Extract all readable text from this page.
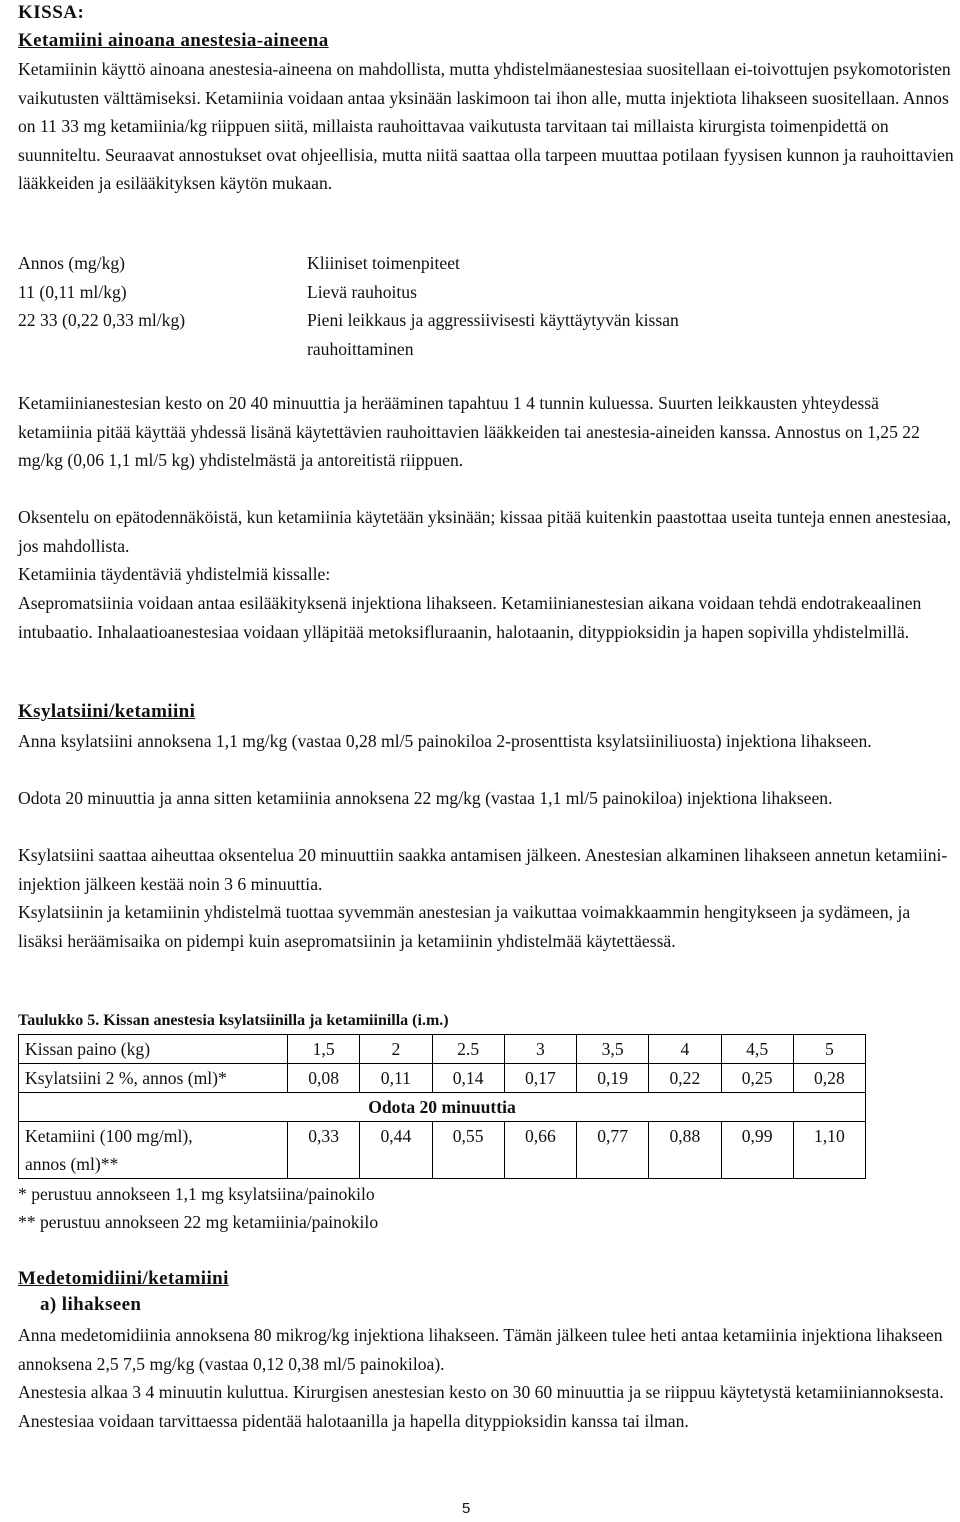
KISSA:
Ketamiini ainoana anestesia-aineena
Ketamiinin käyttö ainoana anestesia-aineena on mahdollista, mutta yhdistelmäanestesiaa suositellaan ei-toivottujen psykomotoristen vaikutusten välttämiseksi. Ketamiinia voidaan antaa yksinään laskimoon tai ihon alle, mutta injektiota lihakseen suositellaan. Annos on 11 33 mg ketamiinia/kg riippuen siitä, millaista rauhoittavaa vaikutusta tarvitaan tai millaista kirurgista toimenpidettä on suunniteltu. Seuraavat annostukset ovat ohjeellisia, mutta niitä saattaa olla tarpeen muuttaa potilaan fyysisen kunnon ja rauhoittavien lääkkeiden ja esilääkityksen käytön mukaan.
Annos (mg/kg)	Kliiniset toimenpiteet
11 (0,11 ml/kg)	Lievä rauhoitus
22 33 (0,22 0,33 ml/kg)	Pieni leikkaus ja aggressiivisesti käyttäytyvän kissan rauhoittaminen
Ketamiinianestesian kesto on 20 40 minuuttia ja herääminen tapahtuu 1 4 tunnin kuluessa. Suurten leikkausten yhteydessä ketamiinia pitää käyttää yhdessä lisänä käytettävien rauhoittavien lääkkeiden tai anestesia-aineiden kanssa. Annostus on 1,25 22 mg/kg (0,06 1,1 ml/5 kg) yhdistelmästä ja antoreitistä riippuen.
Oksentelu on epätodennäköistä, kun ketamiinia käytetään yksinään; kissaa pitää kuitenkin paastottaa useita tunteja ennen anestesiaa, jos mahdollista.
Ketamiinia täydentäviä yhdistelmiä kissalle:
Asepromatsiinia voidaan antaa esilääkityksenä injektiona lihakseen. Ketamiinianestesian aikana voidaan tehdä endotrakeaalinen intubaatio. Inhalaatioanestesiaa voidaan ylläpitää metoksifluraanin, halotaanin, dityppioksidin ja hapen sopivilla yhdistelmillä.
Ksylatsiini/ketamiini
Anna ksylatsiini annoksena 1,1 mg/kg (vastaa 0,28 ml/5 painokiloa 2-prosenttista ksylatsiiniliuosta) injektiona lihakseen.
Odota 20 minuuttia ja anna sitten ketamiinia annoksena 22 mg/kg (vastaa 1,1 ml/5 painokiloa) injektiona lihakseen.
Ksylatsiini saattaa aiheuttaa oksentelua 20 minuuttiin saakka antamisen jälkeen. Anestesian alkaminen lihakseen annetun ketamiini-injektion jälkeen kestää noin 3 6 minuuttia.
Ksylatsiinin ja ketamiinin yhdistelmä tuottaa syvemmän anestesian ja vaikuttaa voimakkaammin hengitykseen ja sydämeen, ja lisäksi heräämisaika on pidempi kuin asepromatsiinin ja ketamiinin yhdistelmää käytettäessä.
Taulukko 5. Kissan anestesia ksylatsiinilla ja ketamiinilla (i.m.)
Kissan paino (kg)	1,5	2	2.5	3	3,5	4	4,5	5
Ksylatsiini 2 %, annos (ml)*	0,08	0,11	0,14	0,17	0,19	0,22	0,25	0,28
Odota 20 minuuttia								
Ketamiini (100 mg/ml),
annos (ml)**	0,33	0,44	0,55	0,66	0,77	0,88	0,99	1,10
* perustuu annokseen 1,1 mg ksylatsiina/painokilo
** perustuu annokseen 22 mg ketamiinia/painokilo
Medetomidiini/ketamiini
a) lihakseen
Anna medetomidiinia annoksena 80 mikrog/kg injektiona lihakseen. Tämän jälkeen tulee heti antaa ketamiinia injektiona lihakseen annoksena 2,5 7,5 mg/kg (vastaa 0,12 0,38 ml/5 painokiloa).
Anestesia alkaa 3 4 minuutin kuluttua. Kirurgisen anestesian kesto on 30 60 minuuttia ja se riippuu käytetystä ketamiiniannoksesta. Anestesiaa voidaan tarvittaessa pidentää halotaanilla ja hapella dityppioksidin kanssa tai ilman.
5
